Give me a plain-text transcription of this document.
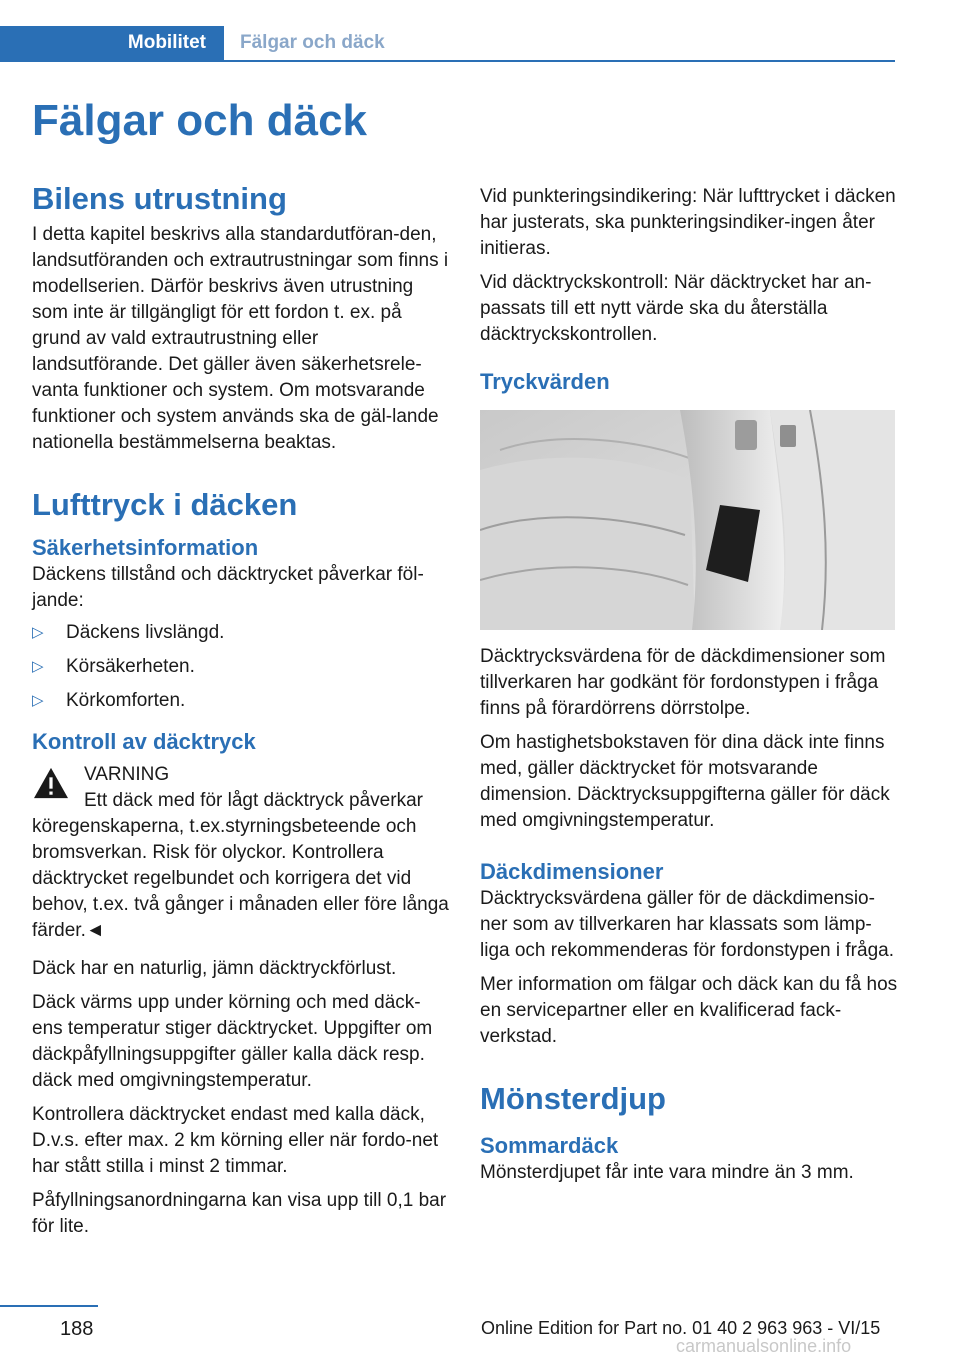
Mobilitet	Fälgar och däck
Fälgar och däck
Bilens utrustning

I detta kapitel beskrivs alla standardutföran-den, landsutföranden och extrautrustningar som finns i modellserien. Därför beskrivs även utrustning som inte är tillgängligt för ett fordon t. ex. på grund av vald extrautrustning eller landsutförande. Det gäller även säkerhetsrele-vanta funktioner och system. Om motsvarande funktioner och system används ska de gäl-lande nationella bestämmelserna beaktas.

Lufttryck i däcken
Säkerhetsinformation

Däckens tillstånd och däcktrycket påverkar föl-jande:

▷ Däckens livslängd.
▷ Körsäkerheten.
▷ Körkomforten.
Kontroll av däcktryck
VARNING
Ett däck med för lågt däcktryck påverkar
köregenskaperna, t.ex.styrningsbeteende och bromsverkan. Risk för olyckor. Kontrollera däcktrycket regelbundet och korrigera det vid behov, t.ex. två gånger i månaden eller före långa färder.◄

Däck har en naturlig, jämn däcktryckförlust.

Däck värms upp under körning och med däck-ens temperatur stiger däcktrycket. Uppgifter om däckpåfyllningsuppgifter gäller kalla däck resp. däck med omgivningstemperatur.

Kontrollera däcktrycket endast med kalla däck, D.v.s. efter max. 2 km körning eller när fordo-net har stått stilla i minst 2 timmar.

Påfyllningsanordningarna kan visa upp till 0,1 bar för lite.

Vid punkteringsindikering: När lufttrycket i däcken har justerats, ska punkteringsindiker-ingen åter initieras.

Vid däcktryckskontroll: När däcktrycket har an-passats till ett nytt värde ska du återställa däcktryckskontrollen.

Tryckvärden

Däcktrycksvärdena för de däckdimensioner som tillverkaren har godkänt för fordonstypen i fråga finns på förardörrens dörrstolpe.

Om hastighetsbokstaven för dina däck inte finns med, gäller däcktrycket för motsvarande dimension. Däcktrycksuppgifterna gäller för däck med omgivningstemperatur.

Däckdimensioner

Däcktrycksvärdena gäller för de däckdimensio-ner som av tillverkaren har klassats som lämp-liga och rekommenderas för fordonstypen i fråga.

Mer information om fälgar och däck kan du få hos en servicepartner eller en kvalificerad fack-verkstad.

Mönsterdjup
Sommardäck

Mönsterdjupet får inte vara mindre än 3 mm.

188	Online Edition for Part no. 01 40 2 963 963 - VI/15
carmanualsonline.info
